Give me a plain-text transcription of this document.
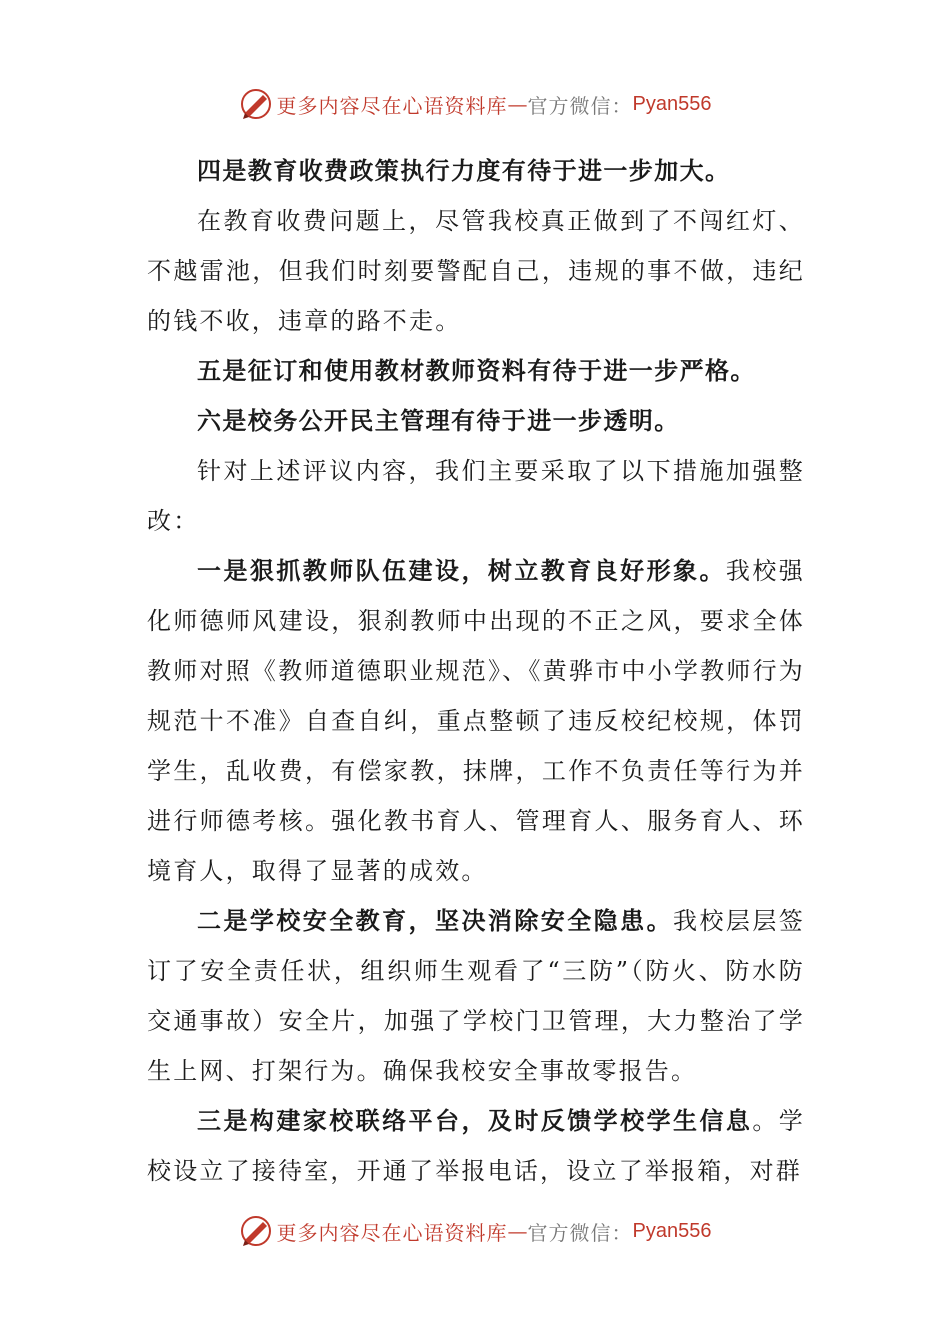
更多内容尽在心语资料库 — 官方微信： Pyan556

四是教育收费政策执行力度有待于进一步加大。

在教育收费问题上，尽管我校真正做到了不闯红灯、不越雷池，但我们时刻要警配自己，违规的事不做，违纪的钱不收，违章的路不走。

五是征订和使用教材教师资料有待于进一步严格。

六是校务公开民主管理有待于进一步透明。

针对上述评议内容，我们主要采取了以下措施加强整改：

一是狠抓教师队伍建设，树立教育良好形象。我校强化师德师风建设，狠刹教师中出现的不正之风，要求全体教师对照《教师道德职业规范》、《黄骅市中小学教师行为规范十不准》自查自纠，重点整顿了违反校纪校规，体罚学生，乱收费，有偿家教，抹牌，工作不负责任等行为并进行师德考核。强化教书育人、管理育人、服务育人、环境育人，取得了显著的成效。

二是学校安全教育，坚决消除安全隐患。我校层层签订了安全责任状，组织师生观看了“三防”（防火、防水防交通事故）安全片，加强了学校门卫管理，大力整治了学生上网、打架行为。确保我校安全事故零报告。

三是构建家校联络平台，及时反馈学校学生信息。学校设立了接待室，开通了举报电话，设立了举报箱，对群

更多内容尽在心语资料库 — 官方微信： Pyan556
